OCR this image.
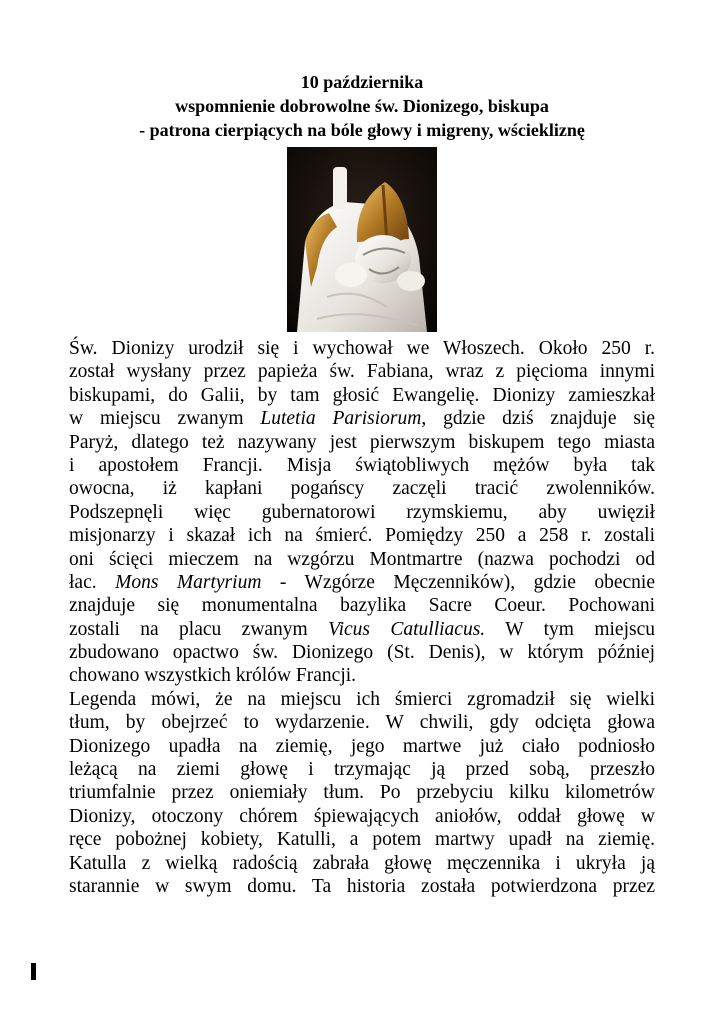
10 października
wspomnienie dobrowolne św. Dionizego, biskupa
- patrona cierpiących na bóle głowy i migreny, wściekliznę
Św. Dionizy urodził się i wychował we Włoszech. Około 250 r.
został wysłany przez papieża św. Fabiana, wraz z pięcioma innymi
biskupami, do Galii, by tam głosić Ewangelię. Dionizy zamieszkał
w miejscu zwanym Lutetia Parisiorum, gdzie dziś znajduje się
Paryż, dlatego też nazywany jest pierwszym biskupem tego miasta
i apostołem Francji. Misja świątobliwych mężów była tak
owocna, iż kapłani pogańscy zaczęli tracić zwolenników.
Podszepnęli więc gubernatorowi rzymskiemu, aby uwięził
misjonarzy i skazał ich na śmierć. Pomiędzy 250 a 258 r. zostali
oni ścięci mieczem na wzgórzu Montmartre (nazwa pochodzi od
łac. Mons Martyrium - Wzgórze Męczenników), gdzie obecnie
znajduje się monumentalna bazylika Sacre Coeur. Pochowani
zostali na placu zwanym Vicus Catulliacus. W tym miejscu
zbudowano opactwo św. Dionizego (St. Denis), w którym później
chowano wszystkich królów Francji.
Legenda mówi, że na miejscu ich śmierci zgromadził się wielki
tłum, by obejrzeć to wydarzenie. W chwili, gdy odcięta głowa
Dionizego upadła na ziemię, jego martwe już ciało podniosło
leżącą na ziemi głowę i trzymając ją przed sobą, przeszło
triumfalnie przez oniemiały tłum. Po przebyciu kilku kilometrów
Dionizy, otoczony chórem śpiewających aniołów, oddał głowę w
ręce pobożnej kobiety, Katulli, a potem martwy upadł na ziemię.
Katulla z wielką radością zabrała głowę męczennika i ukryła ją
starannie w swym domu. Ta historia została potwierdzona przez
